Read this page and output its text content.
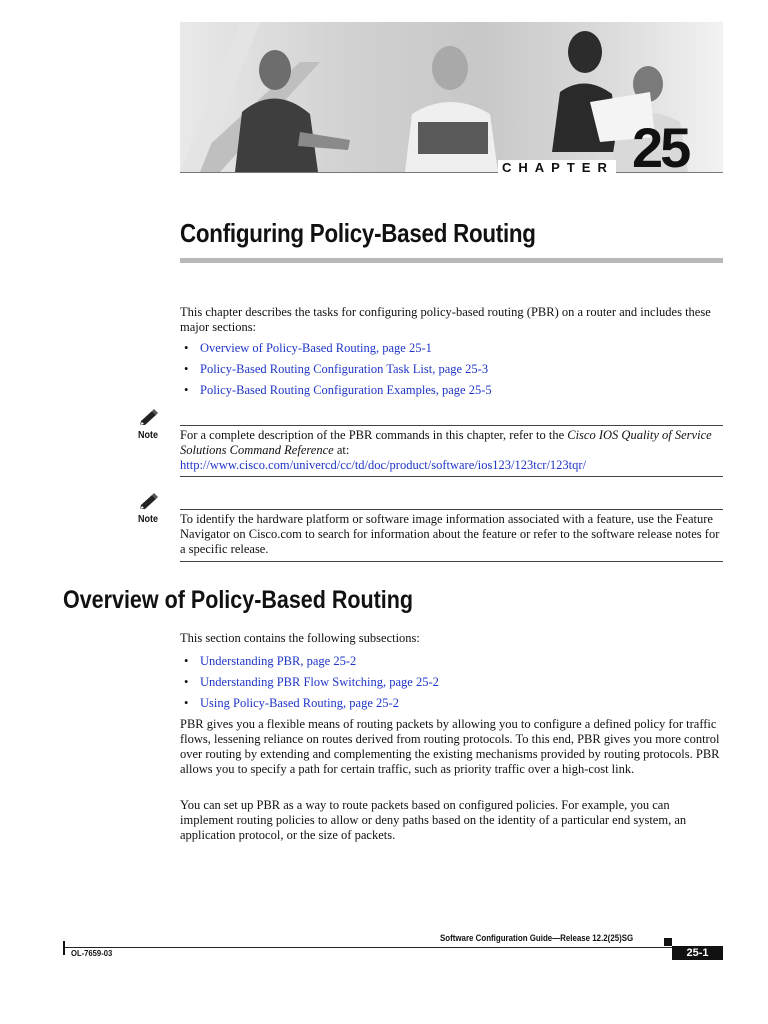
CHAPTER 25
Configuring Policy-Based Routing
This chapter describes the tasks for configuring policy-based routing (PBR) on a router and includes these major sections:
• Overview of Policy-Based Routing, page 25-1
• Policy-Based Routing Configuration Task List, page 25-3
• Policy-Based Routing Configuration Examples, page 25-5
Note For a complete description of the PBR commands in this chapter, refer to the Cisco IOS Quality of Service Solutions Command Reference at:
http://www.cisco.com/univercd/cc/td/doc/product/software/ios123/123tcr/123tqr/
Note To identify the hardware platform or software image information associated with a feature, use the Feature Navigator on Cisco.com to search for information about the feature or refer to the software release notes for a specific release.
Overview of Policy-Based Routing
This section contains the following subsections:
• Understanding PBR, page 25-2
• Understanding PBR Flow Switching, page 25-2
• Using Policy-Based Routing, page 25-2
PBR gives you a flexible means of routing packets by allowing you to configure a defined policy for traffic flows, lessening reliance on routes derived from routing protocols. To this end, PBR gives you more control over routing by extending and complementing the existing mechanisms provided by routing protocols. PBR allows you to specify a path for certain traffic, such as priority traffic over a high-cost link.
You can set up PBR as a way to route packets based on configured policies. For example, you can implement routing policies to allow or deny paths based on the identity of a particular end system, an application protocol, or the size of packets.
Software Configuration Guide—Release 12.2(25)SG
OL-7659-03	25-1
